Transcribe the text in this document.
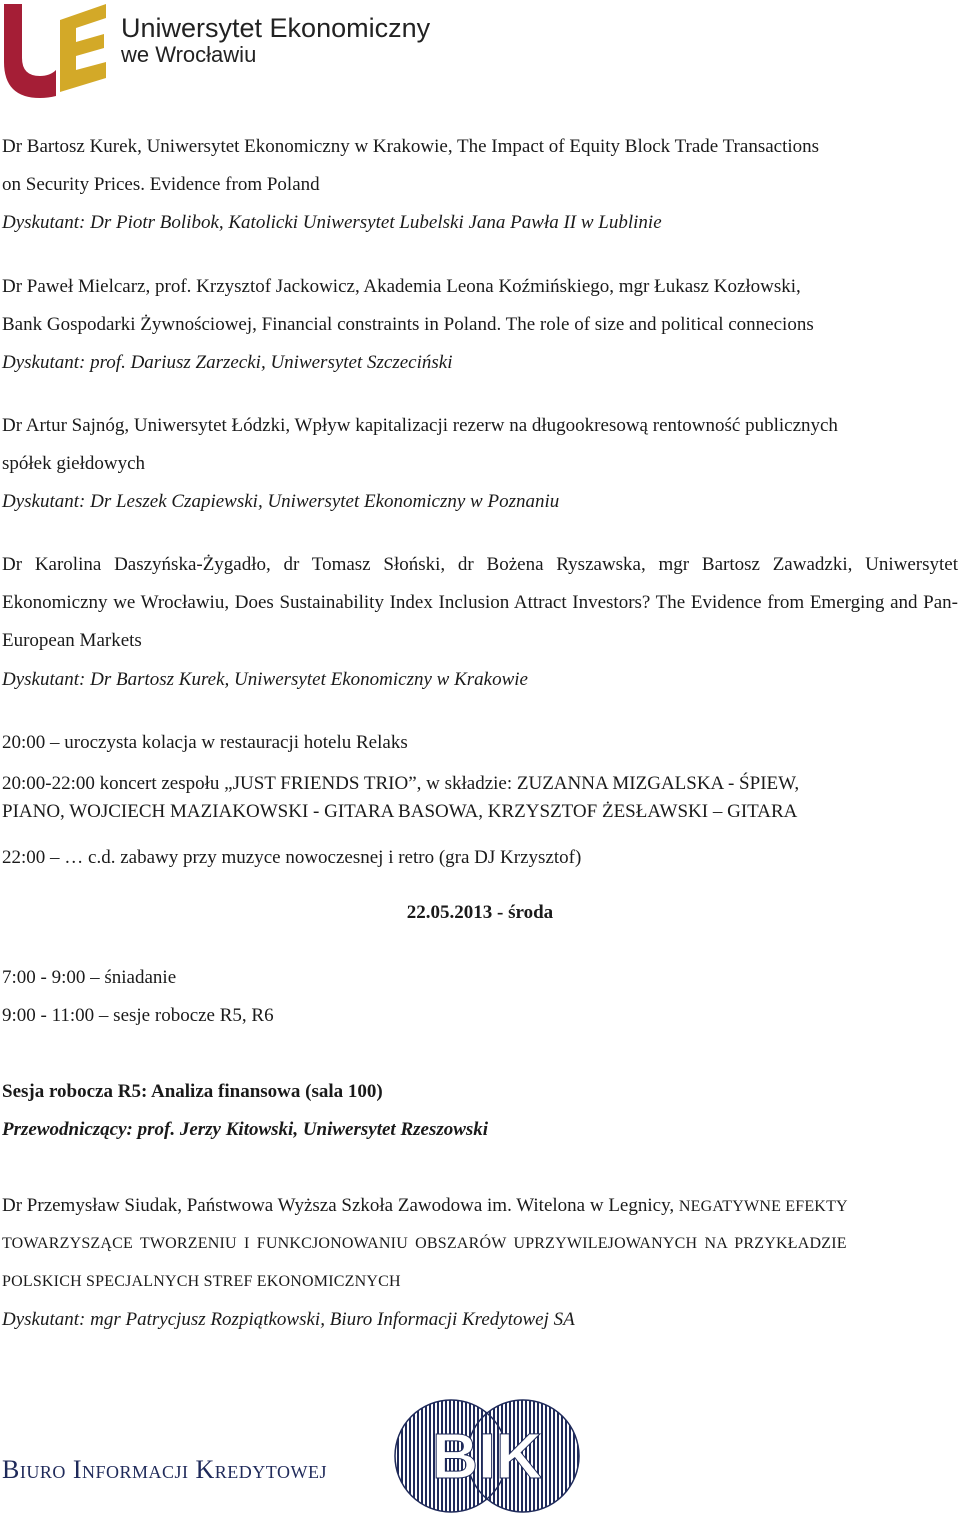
Uniwersytet Ekonomiczny
we Wrocławiu

Dr Bartosz Kurek, Uniwersytet Ekonomiczny w Krakowie, The Impact of Equity Block Trade Transactions

on Security Prices. Evidence from Poland

Dyskutant: Dr Piotr Bolibok, Katolicki Uniwersytet Lubelski Jana Pawła II w Lublinie

Dr Paweł Mielcarz, prof. Krzysztof Jackowicz, Akademia Leona Koźmińskiego, mgr Łukasz Kozłowski,

Bank Gospodarki Żywnościowej, Financial constraints in Poland. The role of size and political connecions

Dyskutant: prof. Dariusz Zarzecki, Uniwersytet Szczeciński

Dr Artur Sajnóg, Uniwersytet Łódzki, Wpływ kapitalizacji rezerw na długookresową rentowność publicznych

spółek giełdowych

Dyskutant: Dr Leszek Czapiewski, Uniwersytet Ekonomiczny w Poznaniu

Dr Karolina Daszyńska-Żygadło, dr Tomasz Słoński, dr Bożena Ryszawska, mgr Bartosz Zawadzki, Uniwersytet Ekonomiczny we Wrocławiu, Does Sustainability Index Inclusion Attract Investors? The Evidence from Emerging and Pan-European Markets

Dyskutant: Dr Bartosz Kurek, Uniwersytet Ekonomiczny w Krakowie

20:00 – uroczysta kolacja w restauracji hotelu Relaks

20:00-22:00 koncert zespołu „JUST FRIENDS TRIO”, w składzie: ZUZANNA MIZGALSKA - ŚPIEW,

PIANO, WOJCIECH MAZIAKOWSKI - GITARA BASOWA, KRZYSZTOF ŻESŁAWSKI – GITARA

22:00 – … c.d. zabawy przy muzyce nowoczesnej i retro (gra DJ Krzysztof)

22.05.2013 - środa

7:00 - 9:00 – śniadanie

9:00 - 11:00 – sesje robocze R5, R6

Sesja robocza R5: Analiza finansowa (sala 100)

Przewodniczący: prof. Jerzy Kitowski, Uniwersytet Rzeszowski

Dr Przemysław Siudak, Państwowa Wyższa Szkoła Zawodowa im. Witelona w Legnicy, NEGATYWNE EFEKTY

TOWARZYSZĄCE TWORZENIU I FUNKCJONOWANIU OBSZARÓW UPRZYWILEJOWANYCH NA PRZYKŁADZIE

POLSKICH SPECJALNYCH STREF EKONOMICZNYCH

Dyskutant: mgr Patrycjusz Rozpiątkowski, Biuro Informacji Kredytowej SA

Biuro Informacji Kredytowej BIK
